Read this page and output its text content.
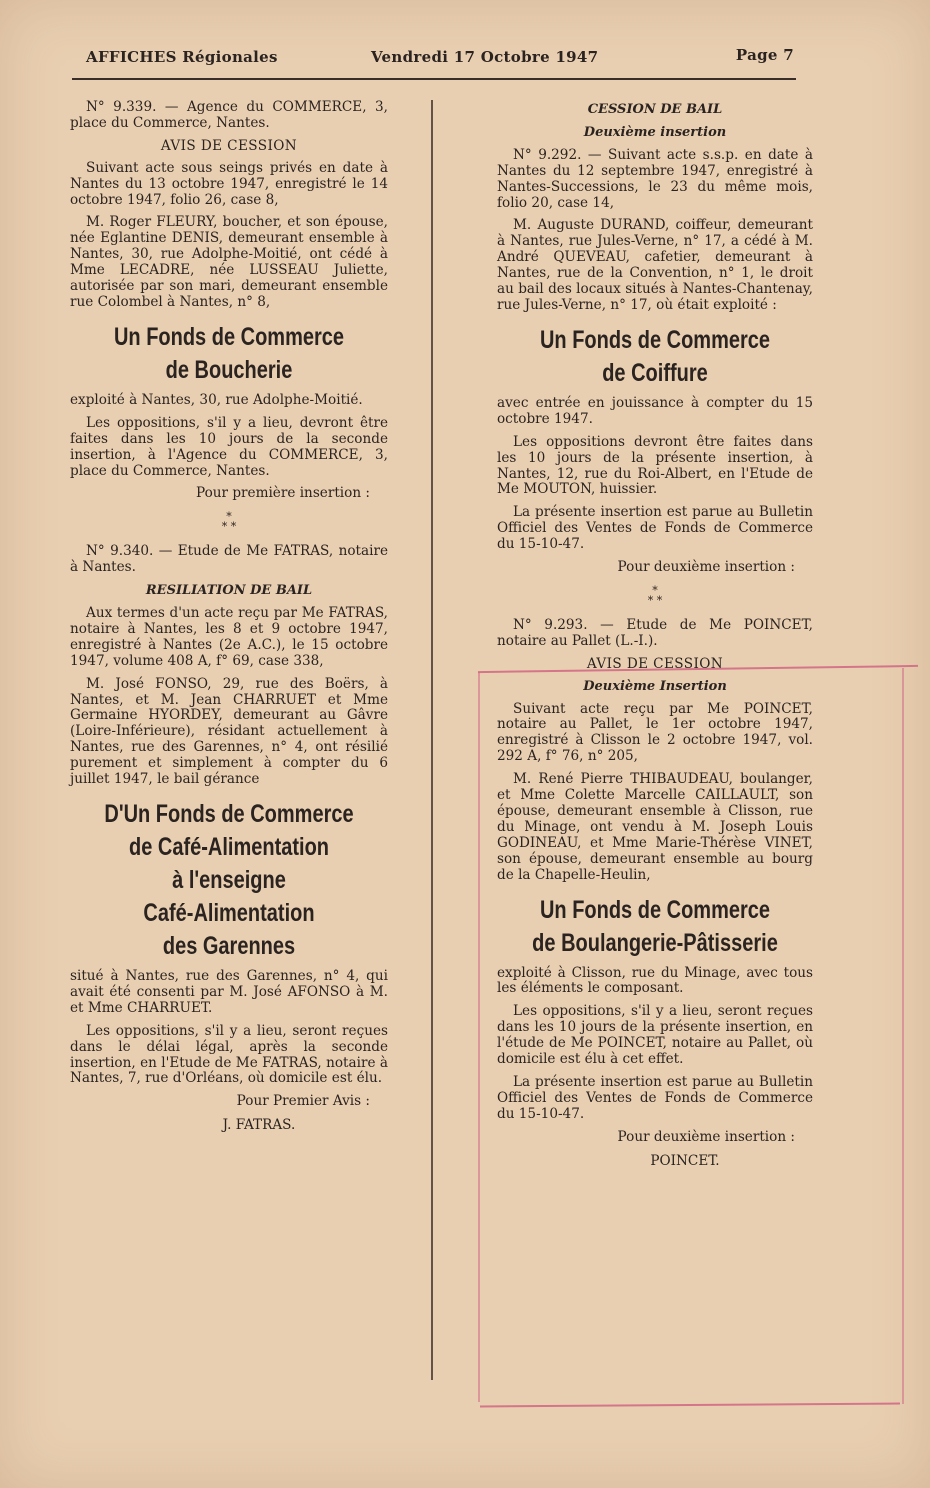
AFFICHES Régionales	Vendredi 17 Octobre 1947	Page 7

N° 9.339. — Agence du COMMERCE, 3, place du Commerce, Nantes.

AVIS DE CESSION

Suivant acte sous seings privés en date à Nantes du 13 octobre 1947, enregistré le 14 octobre 1947, folio 26, case 8,

M. Roger FLEURY, boucher, et son épouse, née Eglantine DENIS, demeurant ensemble à Nantes, 30, rue Adolphe-Moitié, ont cédé à Mme LECADRE, née LUSSEAU Juliette, autorisée par son mari, demeurant ensemble rue Colombel à Nantes, n° 8,

Un Fonds de Commerce
de Boucherie

exploité à Nantes, 30, rue Adolphe-Moitié.

Les oppositions, s'il y a lieu, devront être faites dans les 10 jours de la seconde insertion, à l'Agence du COMMERCE, 3, place du Commerce, Nantes.

Pour première insertion :
*
* *

N° 9.340. — Etude de Me FATRAS, notaire à Nantes.

RESILIATION DE BAIL

Aux termes d'un acte reçu par Me FATRAS, notaire à Nantes, les 8 et 9 octobre 1947, enregistré à Nantes (2e A.C.), le 15 octobre 1947, volume 408 A, f° 69, case 338,

M. José FONSO, 29, rue des Boërs, à Nantes, et M. Jean CHARRUET et Mme Germaine HYORDEY, demeurant au Gâvre (Loire-Inférieure), résidant actuellement à Nantes, rue des Garennes, n° 4, ont résilié purement et simplement à compter du 6 juillet 1947, le bail gérance

D'Un Fonds de Commerce
de Café-Alimentation
à l'enseigne
Café-Alimentation
des Garennes

situé à Nantes, rue des Garennes, n° 4, qui avait été consenti par M. José AFONSO à M. et Mme CHARRUET.

Les oppositions, s'il y a lieu, seront reçues dans le délai légal, après la seconde insertion, en l'Etude de Me FATRAS, notaire à Nantes, 7, rue d'Orléans, où domicile est élu.

Pour Premier Avis :
J. FATRAS.
CESSION DE BAIL
Deuxième insertion

N° 9.292. — Suivant acte s.s.p. en date à Nantes du 12 septembre 1947, enregistré à Nantes-Successions, le 23 du même mois, folio 20, case 14,

M. Auguste DURAND, coiffeur, demeurant à Nantes, rue Jules-Verne, n° 17, a cédé à M. André QUEVEAU, cafetier, demeurant à Nantes, rue de la Convention, n° 1, le droit au bail des locaux situés à Nantes-Chantenay, rue Jules-Verne, n° 17, où était exploité :

Un Fonds de Commerce
de Coiffure

avec entrée en jouissance à compter du 15 octobre 1947.

Les oppositions devront être faites dans les 10 jours de la présente insertion, à Nantes, 12, rue du Roi-Albert, en l'Etude de Me MOUTON, huissier.

La présente insertion est parue au Bulletin Officiel des Ventes de Fonds de Commerce du 15-10-47.

Pour deuxième insertion :
*
* *

N° 9.293. — Etude de Me POINCET, notaire au Pallet (L.-I.).

AVIS DE CESSION
Deuxième Insertion

Suivant acte reçu par Me POINCET, notaire au Pallet, le 1er octobre 1947, enregistré à Clisson le 2 octobre 1947, vol. 292 A, f° 76, n° 205,

M. René Pierre THIBAUDEAU, boulanger, et Mme Colette Marcelle CAILLAULT, son épouse, demeurant ensemble à Clisson, rue du Minage, ont vendu à M. Joseph Louis GODINEAU, et Mme Marie-Thérèse VINET, son épouse, demeurant ensemble au bourg de la Chapelle-Heulin,

Un Fonds de Commerce
de Boulangerie-Pâtisserie

exploité à Clisson, rue du Minage, avec tous les éléments le composant.

Les oppositions, s'il y a lieu, seront reçues dans les 10 jours de la présente insertion, en l'étude de Me POINCET, notaire au Pallet, où domicile est élu à cet effet.

La présente insertion est parue au Bulletin Officiel des Ventes de Fonds de Commerce du 15-10-47.

Pour deuxième insertion :
POINCET.
